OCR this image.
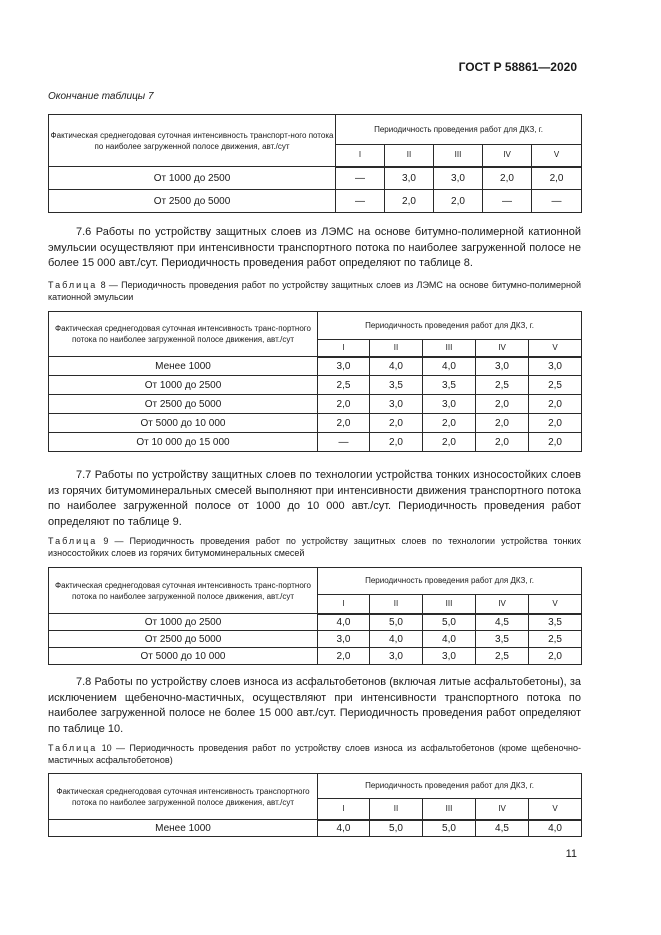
ГОСТ Р 58861—2020
Окончание таблицы 7
Фактическая среднегодовая суточная интенсивность транспорт-ного потока по наиболее загруженной полосе движения, авт./сут	Периодичность проведения работ для ДКЗ, г.				
	I	II	III	IV	V
От 1000 до 2500	—	3,0	3,0	2,0	2,0
От 2500 до 5000	—	2,0	2,0	—	—

7.6 Работы по устройству защитных слоев из ЛЭМС на основе битумно-полимерной катионной эмульсии осуществляют при интенсивности транспортного потока по наиболее загруженной полосе не более 15 000 авт./сут. Периодичность проведения работ определяют по таблице 8.

Таблица 8 — Периодичность проведения работ по устройству защитных слоев из ЛЭМС на основе битумно-полимерной катионной эмульсии

Фактическая среднегодовая суточная интенсивность транс-портного потока по наиболее загруженной полосе движения, авт./сут	Периодичность проведения работ для ДКЗ, г.				
	I	II	III	IV	V
Менее 1000	3,0	4,0	4,0	3,0	3,0
От 1000 до 2500	2,5	3,5	3,5	2,5	2,5
От 2500 до 5000	2,0	3,0	3,0	2,0	2,0
От 5000 до 10 000	2,0	2,0	2,0	2,0	2,0
От 10 000 до 15 000	—	2,0	2,0	2,0	2,0

7.7 Работы по устройству защитных слоев по технологии устройства тонких износостойких слоев из горячих битумоминеральных смесей выполняют при интенсивности движения транспортного потока по наиболее загруженной полосе от 1000 до 10 000 авт./сут. Периодичность проведения работ определяют по таблице 9.

Таблица 9 — Периодичность проведения работ по устройству защитных слоев по технологии устройства тонких износостойких слоев из горячих битумоминеральных смесей

Фактическая среднегодовая суточная интенсивность транс-портного потока по наиболее загруженной полосе движения, авт./сут	Периодичность проведения работ для ДКЗ, г.				
	I	II	III	IV	V
От 1000 до 2500	4,0	5,0	5,0	4,5	3,5
От 2500 до 5000	3,0	4,0	4,0	3,5	2,5
От 5000 до 10 000	2,0	3,0	3,0	2,5	2,0

7.8 Работы по устройству слоев износа из асфальтобетонов (включая литые асфальтобетоны), за исключением щебеночно-мастичных, осуществляют при интенсивности транспортного потока по наиболее загруженной полосе не более 15 000 авт./сут. Периодичность проведения работ определяют по таблице 10.

Таблица 10 — Периодичность проведения работ по устройству слоев износа из асфальтобетонов (кроме щебеночно-мастичных асфальтобетонов)

Фактическая среднегодовая суточная интенсивность транспортного потока по наиболее загруженной полосе движения, авт./сут	Периодичность проведения работ для ДКЗ, г.				
	I	II	III	IV	V
Менее 1000	4,0	5,0	5,0	4,5	4,0
11
